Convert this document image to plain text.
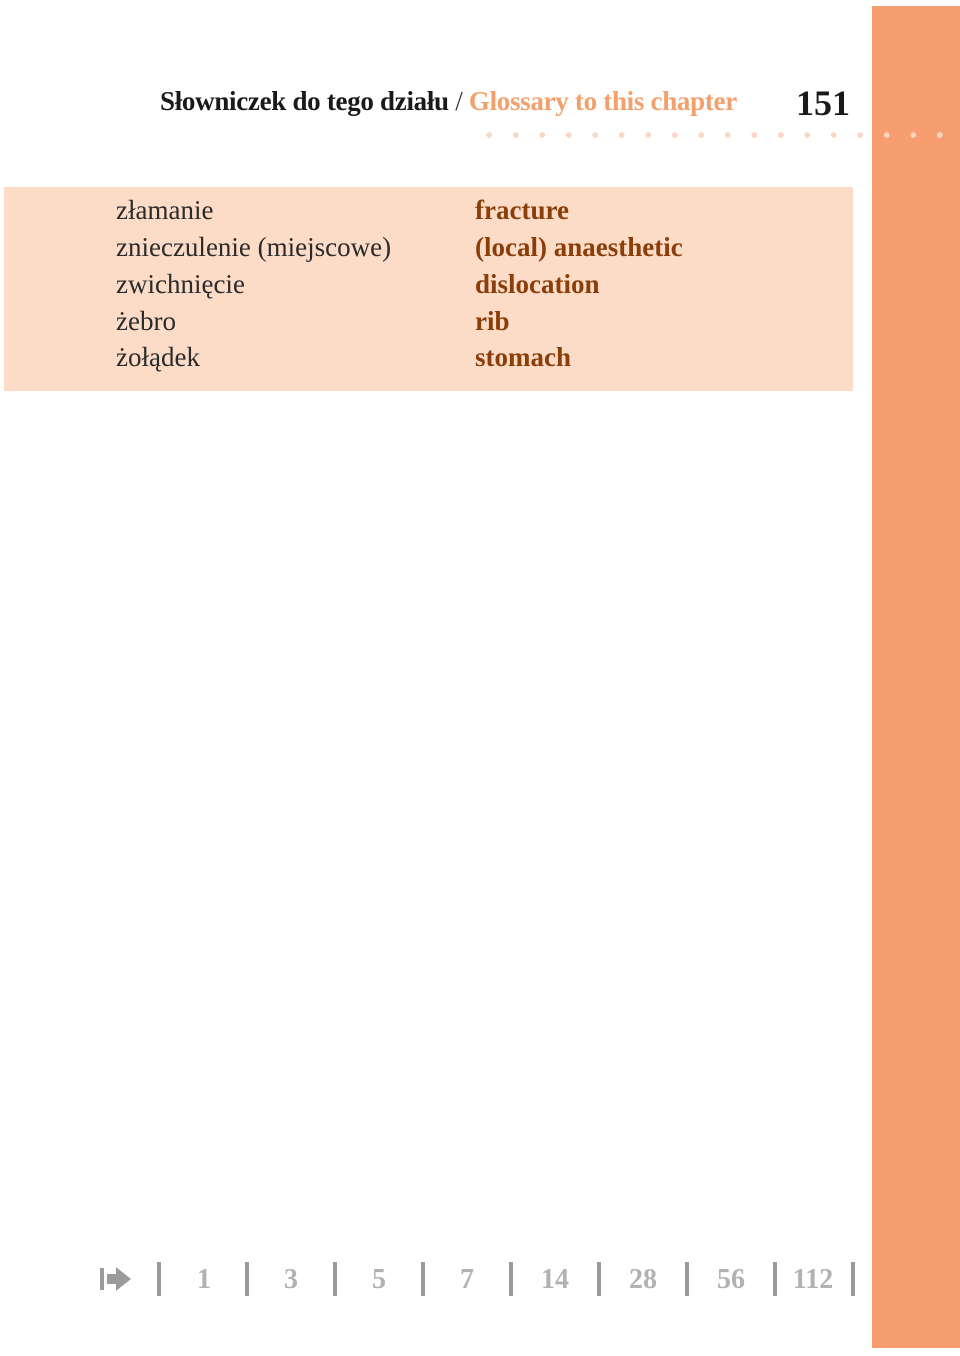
Słowniczek do tego działu / Glossary to this chapter 151
złamanie	fracture
znieczulenie (miejscowe)	(local) anaesthetic
zwichnięcie	dislocation
żebro	rib
żołądek	stomach
1	3	5	7	14	28	56	112
